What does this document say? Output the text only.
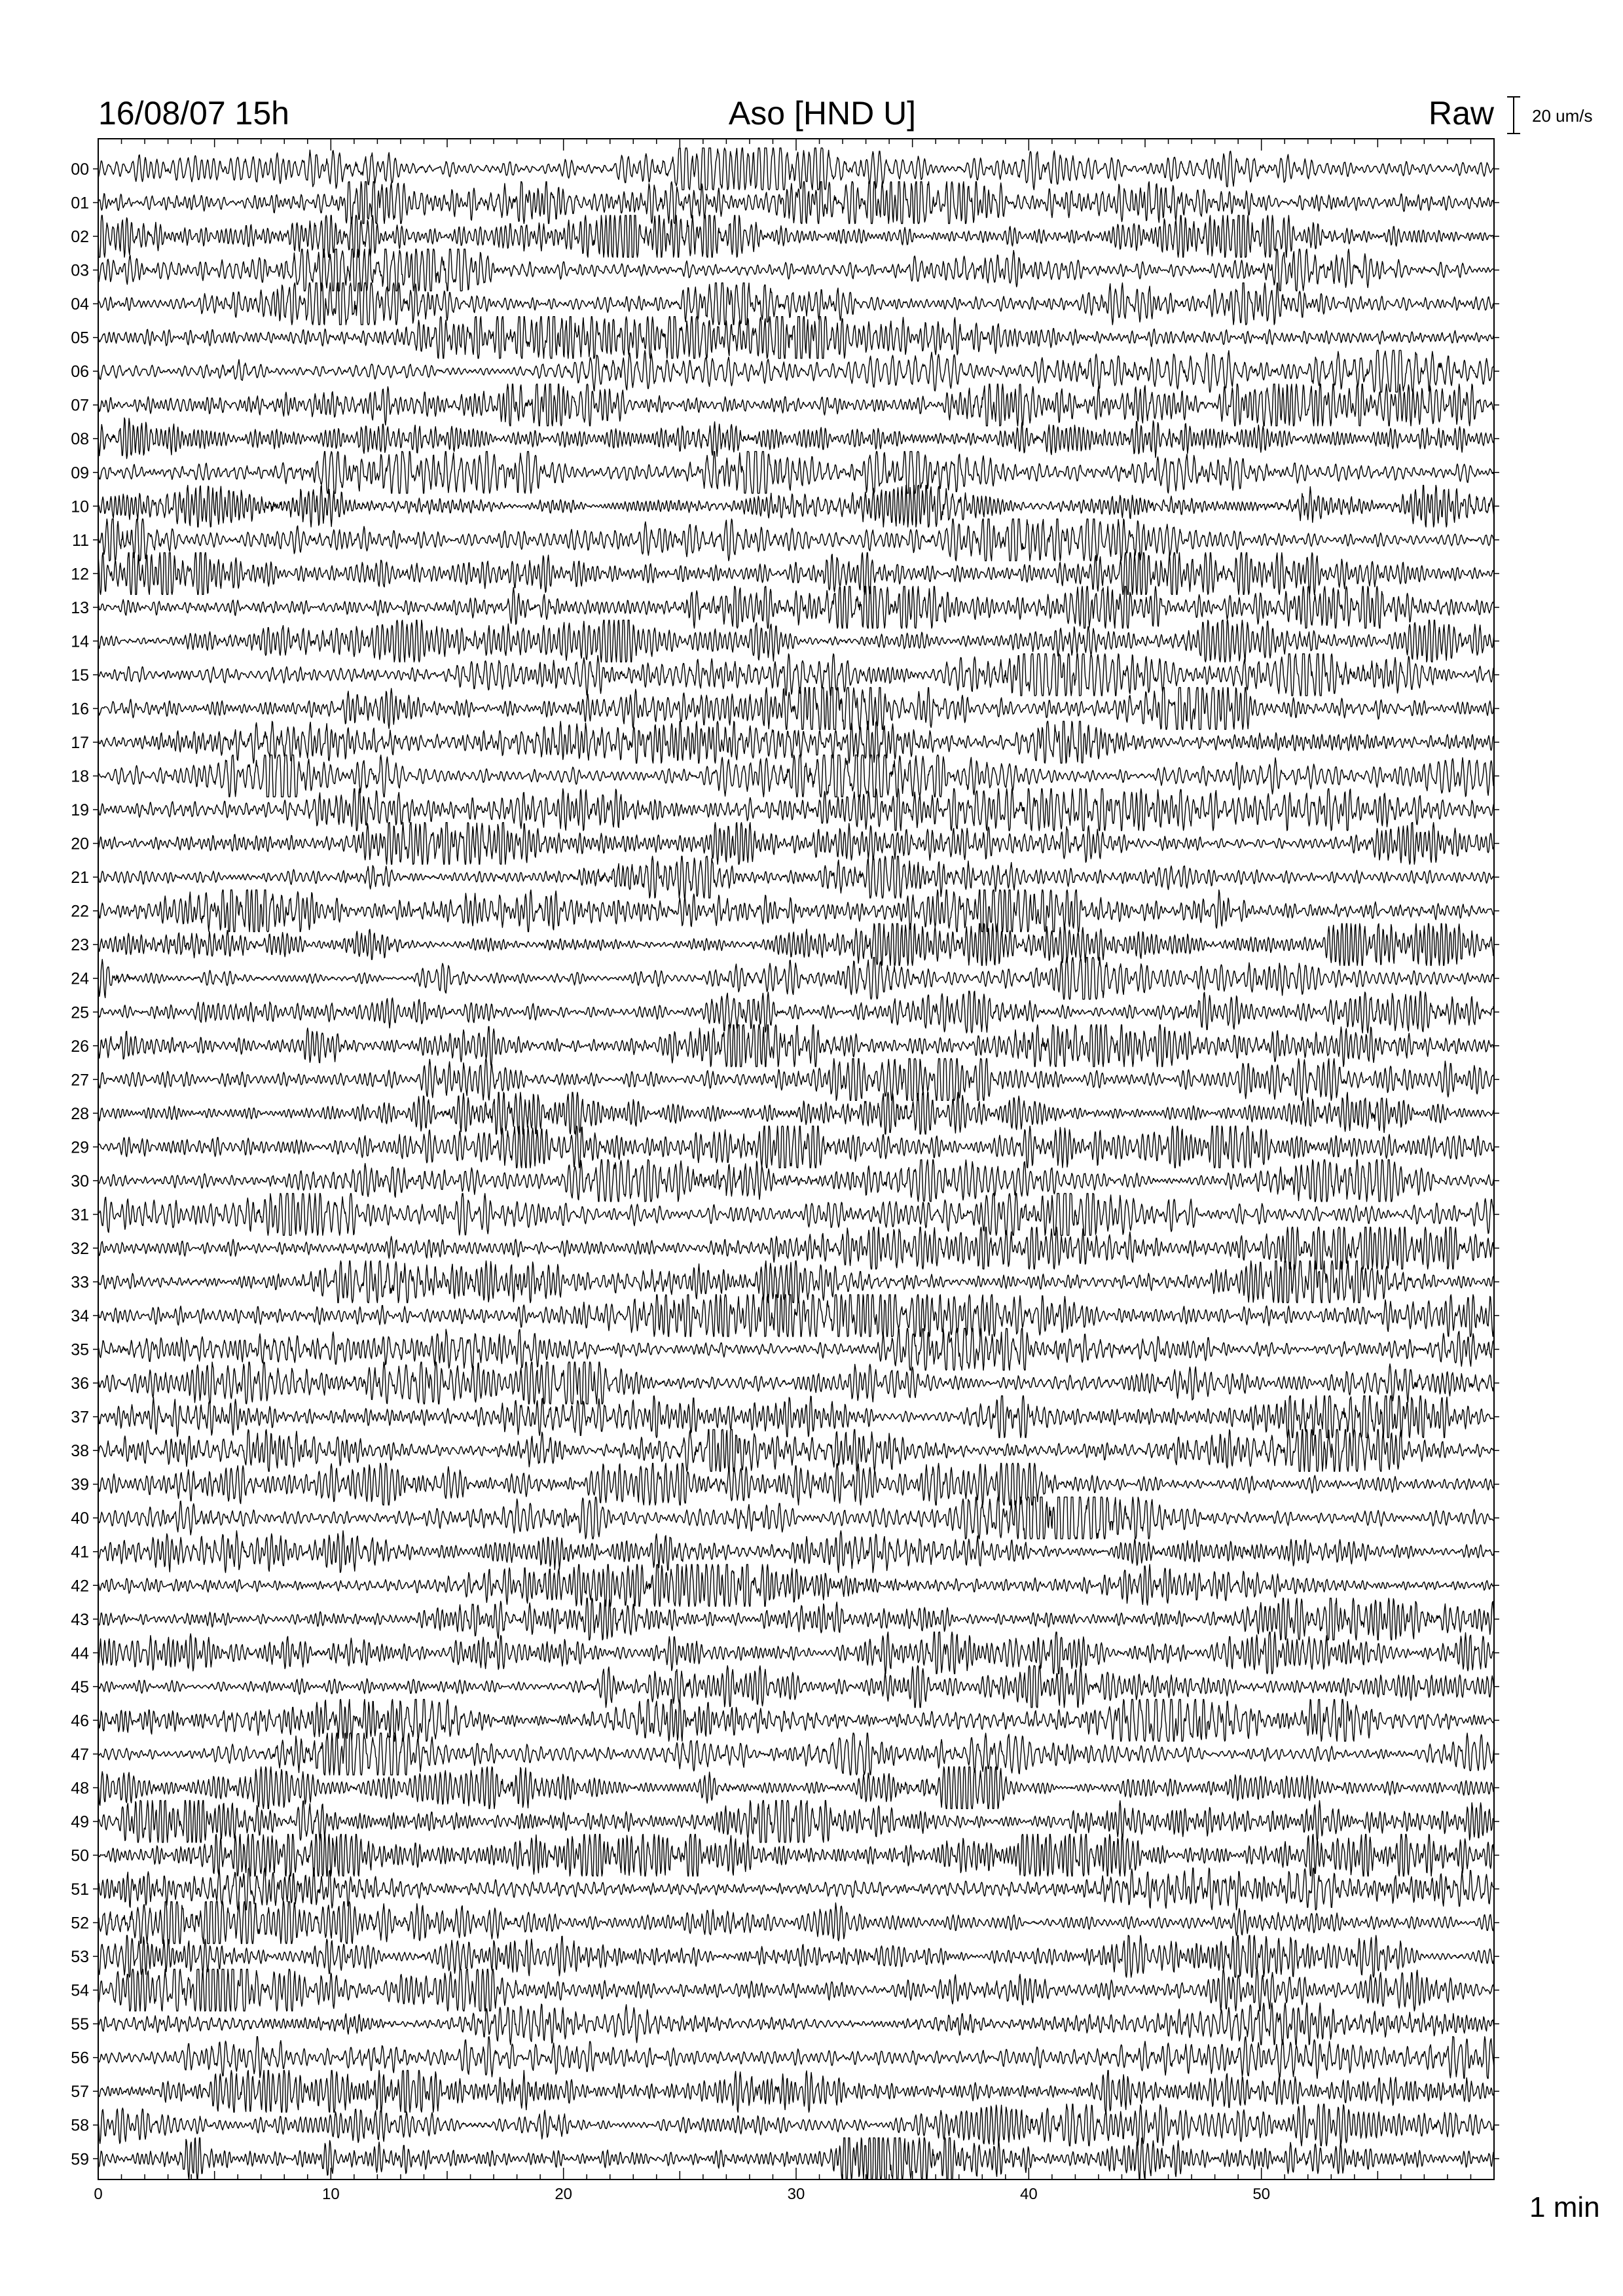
16/08/07 15h	Aso [HND U]	Raw 20 um/s
1 min
0	10	20	30	40	50
00
01
02
03
04
05
06
07
08
09
10
11
12
13
14
15
16
17
18
19
20
21
22
23
24
25
26
27
28
29
30
31
32
33
34
35
36
37
38
39
40
41
42
43
44
45
46
47
48
49
50
51
52
53
54
55
56
57
58
59
